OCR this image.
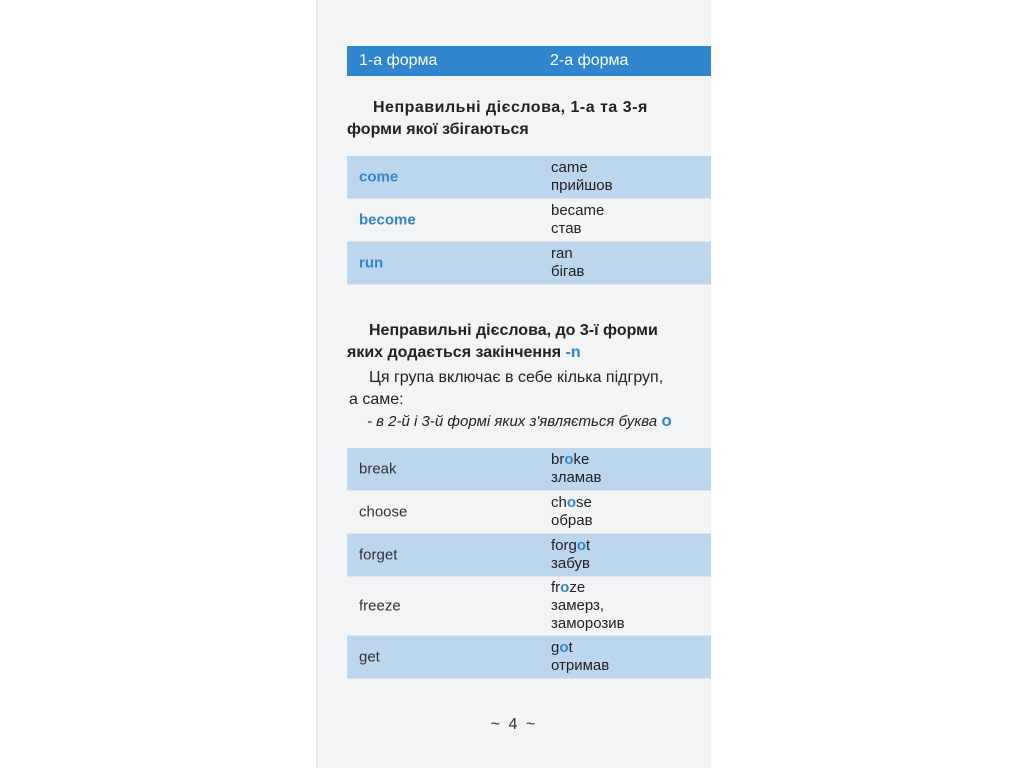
1-а форма	2-а форма
Неправильні дієслова, 1-а та 3-я
форми якої збігаються
come
came
прийшов
become
became
став
run
ran
бігав
Неправильні дієслова, до 3-ї форми
яких додається закінчення -n
Ця група включає в себе кілька підгруп,
а саме:
- в 2-й і 3-й формі яких з'являється буква o
break
broke
зламав
choose
chose
обрав
forget
forgot
забув
freeze
froze
замерз,
заморозив
get
got
отримав
~ 4 ~
